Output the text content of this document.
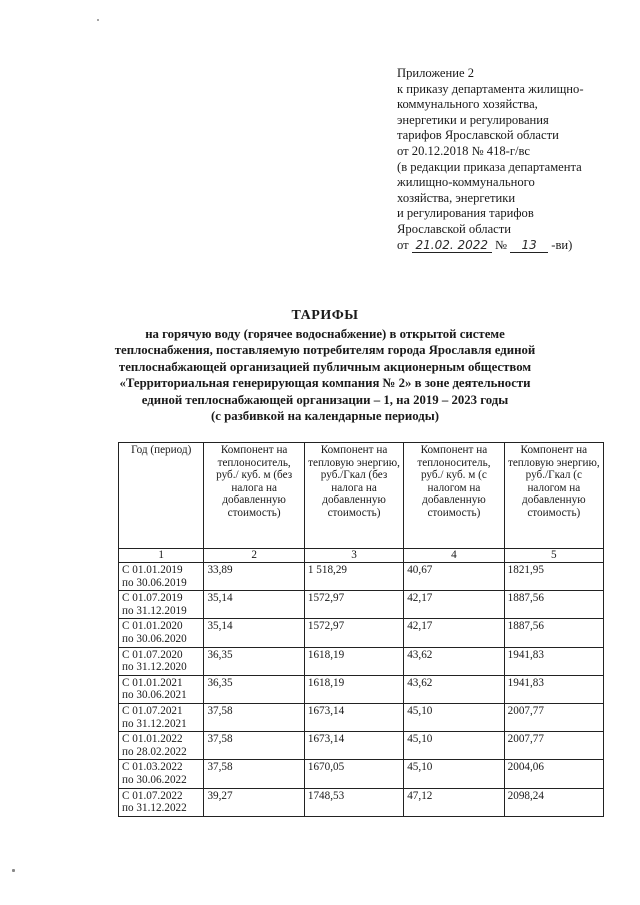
Приложение 2
к приказу департамента жилищно-
коммунального хозяйства,
энергетики и регулирования
тарифов Ярославской области
от 20.12.2018 № 418-г/вс
(в редакции приказа департамента
жилищно-коммунального
хозяйства, энергетики
и регулирования тарифов
Ярославской области
от 21.02. 2022 № 13 -ви)
ТАРИФЫ
на горячую воду (горячее водоснабжение) в открытой системе
теплоснабжения, поставляемую потребителям города Ярославля единой
теплоснабжающей организацией публичным акционерным обществом
«Территориальная генерирующая компания № 2» в зоне деятельности
единой теплоснабжающей организации – 1, на 2019 – 2023 годы
(с разбивкой на календарные периоды)
Год (период)	Компонент на теплоноситель, руб./ куб. м (без налога на добавленную стоимость)	Компонент на тепловую энергию, руб./Гкал (без налога на добавленную стоимость)	Компонент на теплоноситель, руб./ куб. м (с налогом на добавленную стоимость)	Компонент на тепловую энергию, руб./Гкал (с налогом на добавленную стоимость)
1	2	3	4	5

С 01.01.2019
по 30.06.2019	33,89	1 518,29	40,67	1821,95

С 01.07.2019
по 31.12.2019	35,14	1572,97	42,17	1887,56

С 01.01.2020
по 30.06.2020	35,14	1572,97	42,17	1887,56

С 01.07.2020
по 31.12.2020	36,35	1618,19	43,62	1941,83

С 01.01.2021
по 30.06.2021	36,35	1618,19	43,62	1941,83

С 01.07.2021
по 31.12.2021	37,58	1673,14	45,10	2007,77

С 01.01.2022
по 28.02.2022	37,58	1673,14	45,10	2007,77

С 01.03.2022
по 30.06.2022	37,58	1670,05	45,10	2004,06

С 01.07.2022
по 31.12.2022	39,27	1748,53	47,12	2098,24
